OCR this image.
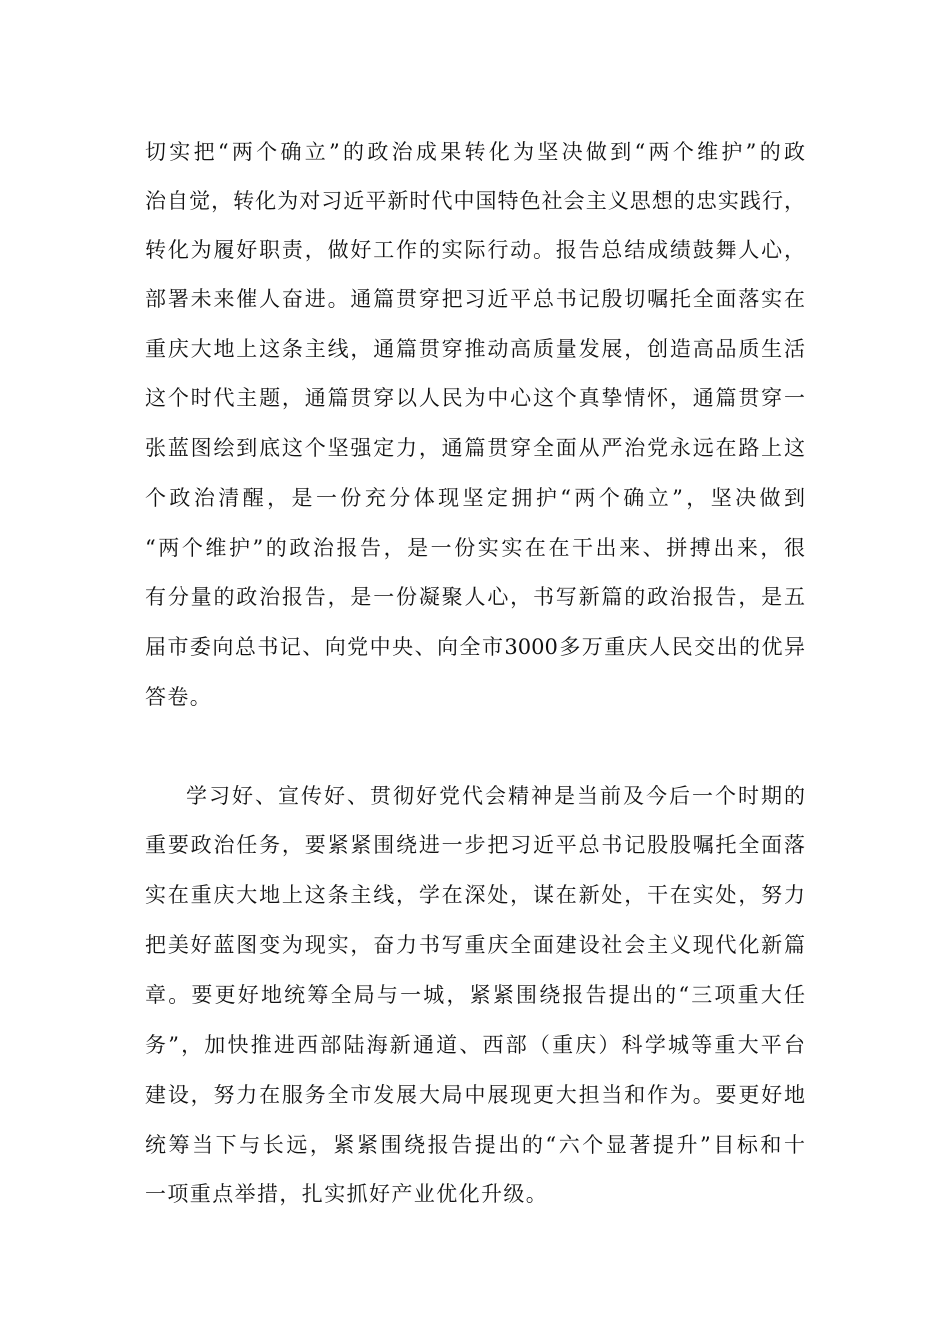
切实把“两个确立”的政治成果转化为坚决做到“两个维护”的政
治自觉，转化为对习近平新时代中国特色社会主义思想的忠实践行，
转化为履好职责，做好工作的实际行动。报告总结成绩鼓舞人心，
部署未来催人奋进。通篇贯穿把习近平总书记殷切嘱托全面落实在
重庆大地上这条主线，通篇贯穿推动高质量发展，创造高品质生活
这个时代主题，通篇贯穿以人民为中心这个真挚情怀，通篇贯穿一
张蓝图绘到底这个坚强定力，通篇贯穿全面从严治党永远在路上这
个政治清醒，是一份充分体现坚定拥护“两个确立”，坚决做到
“两个维护”的政治报告，是一份实实在在干出来、拼搏出来，很
有分量的政治报告，是一份凝聚人心，书写新篇的政治报告，是五
届市委向总书记、向党中央、向全市3000多万重庆人民交出的优异
答卷。
学习好、宣传好、贯彻好党代会精神是当前及今后一个时期的
重要政治任务，要紧紧围绕进一步把习近平总书记股股嘱托全面落
实在重庆大地上这条主线，学在深处，谋在新处，干在实处，努力
把美好蓝图变为现实，奋力书写重庆全面建设社会主义现代化新篇
章。要更好地统筹全局与一城，紧紧围绕报告提出的“三项重大任
务”，加快推进西部陆海新通道、西部（重庆）科学城等重大平台
建设，努力在服务全市发展大局中展现更大担当和作为。要更好地
统筹当下与长远，紧紧围绕报告提出的“六个显著提升”目标和十
一项重点举措，扎实抓好产业优化升级。
